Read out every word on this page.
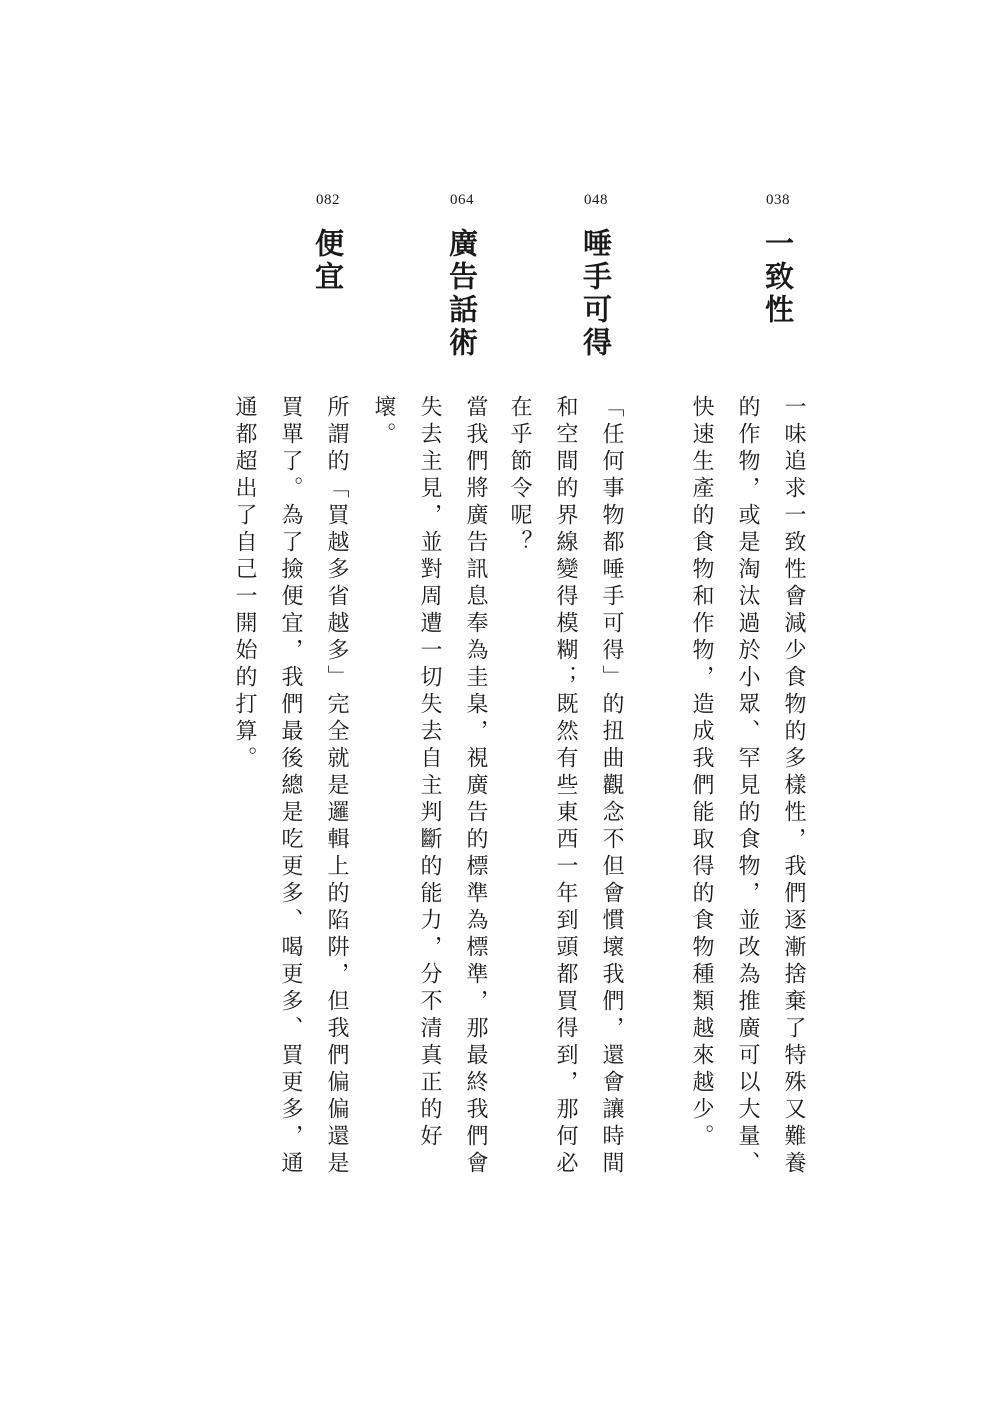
038
一致性
一味追求一致性會減少食物的多樣性，我們逐漸捨棄了特殊又難養的作物，或是淘汰過於小眾、罕見的食物，並改為推廣可以大量、快速生產的食物和作物，造成我們能取得的食物種類越來越少。
048
唾手可得
「任何事物都唾手可得」的扭曲觀念不但會慣壞我們，還會讓時間和空間的界線變得模糊；既然有些東西一年到頭都買得到，那何必在乎節令呢？
064
廣告話術
當我們將廣告訊息奉為圭臬，視廣告的標準為標準，那最終我們會失去主見，並對周遭一切失去自主判斷的能力，分不清真正的好壞。
082
便宜
所謂的「買越多省越多」完全就是邏輯上的陷阱，但我們偏偏還是買單了。為了撿便宜，我們最後總是吃更多、喝更多、買更多，通通都超出了自己一開始的打算。
